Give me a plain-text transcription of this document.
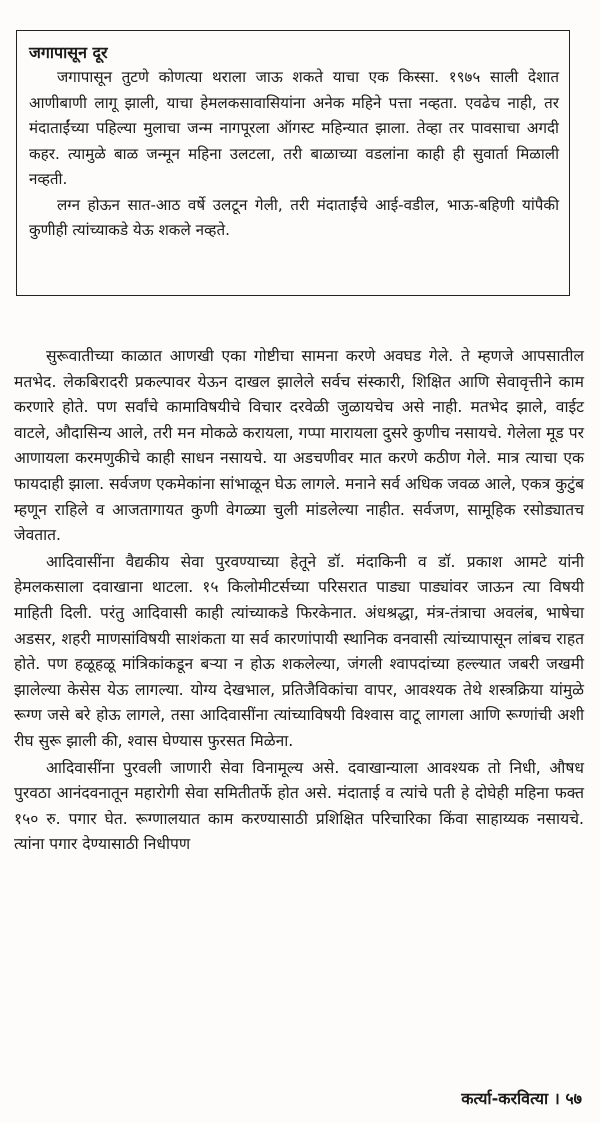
जगापासून दूर

जगापासून तुटणे कोणत्या थराला जाऊ शकते याचा एक किस्सा. १९७५ साली देशात आणीबाणी लागू झाली, याचा हेमलकसावासियांना अनेक महिने पत्ता नव्हता. एवढेच नाही, तर मंदाताईंच्या पहिल्या मुलाचा जन्म नागपूरला ऑगस्ट महिन्यात झाला. तेव्हा तर पावसाचा अगदी कहर. त्यामुळे बाळ जन्मून महिना उलटला, तरी बाळाच्या वडलांना काही ही सुवार्ता मिळाली नव्हती.

लग्न होऊन सात-आठ वर्षे उलटून गेली, तरी मंदाताईंचे आई-वडील, भाऊ-बहिणी यांपैकी कुणीही त्यांच्याकडे येऊ शकले नव्हते.

सुरूवातीच्या काळात आणखी एका गोष्टीचा सामना करणे अवघड गेले. ते म्हणजे आपसातील मतभेद. लेकबिरादरी प्रकल्पावर येऊन दाखल झालेले सर्वच संस्कारी, शिक्षित आणि सेवावृत्तीने काम करणारे होते. पण सर्वांचे कामाविषयीचे विचार दरवेळी जुळायचेच असे नाही. मतभेद झाले, वाईट वाटले, औदासिन्य आले, तरी मन मोकळे करायला, गप्पा मारायला दुसरे कुणीच नसायचे. गेलेला मूड पर आणायला करमणुकीचे काही साधन नसायचे. या अडचणीवर मात करणे कठीण गेले. मात्र त्याचा एक फायदाही झाला. सर्वजण एकमेकांना सांभाळून घेऊ लागले. मनाने सर्व अधिक जवळ आले, एकत्र कुटुंब म्हणून राहिले व आजतागायत कुणी वेगळ्या चुली मांडलेल्या नाहीत. सर्वजण, सामूहिक रसोड्यातच जेवतात.

आदिवासींना वैद्यकीय सेवा पुरवण्याच्या हेतूने डॉ. मंदाकिनी व डॉ. प्रकाश आमटे यांनी हेमलकसाला दवाखाना थाटला. १५ किलोमीटर्सच्या परिसरात पाड्या पाड्यांवर जाऊन त्या विषयी माहिती दिली. परंतु आदिवासी काही त्यांच्याकडे फिरकेनात. अंधश्रद्धा, मंत्र-तंत्राचा अवलंब, भाषेचा अडसर, शहरी माणसांविषयी साशंकता या सर्व कारणांपायी स्थानिक वनवासी त्यांच्यापासून लांबच राहत होते. पण हळूहळू मांत्रिकांकडून बऱ्या न होऊ शकलेल्या, जंगली श्वापदांच्या हल्ल्यात जबरी जखमी झालेल्या केसेस येऊ लागल्या. योग्य देखभाल, प्रतिजैविकांचा वापर, आवश्यक तेथे शस्त्रक्रिया यांमुळे रूग्ण जसे बरे होऊ लागले, तसा आदिवासींना त्यांच्याविषयी विश्वास वाटू लागला आणि रूग्णांची अशी रीघ सुरू झाली की, श्वास घेण्यास फुरसत मिळेना.

आदिवासींना पुरवली जाणारी सेवा विनामूल्य असे. दवाखान्याला आवश्यक तो निधी, औषध पुरवठा आनंदवनातून महारोगी सेवा समितीतर्फे होत असे. मंदाताई व त्यांचे पती हे दोघेही महिना फक्त १५० रु. पगार घेत. रूग्णालयात काम करण्यासाठी प्रशिक्षित परिचारिका किंवा साहाय्यक नसायचे. त्यांना पगार देण्यासाठी निधीपण

कर्त्या-करवित्या । ५७
